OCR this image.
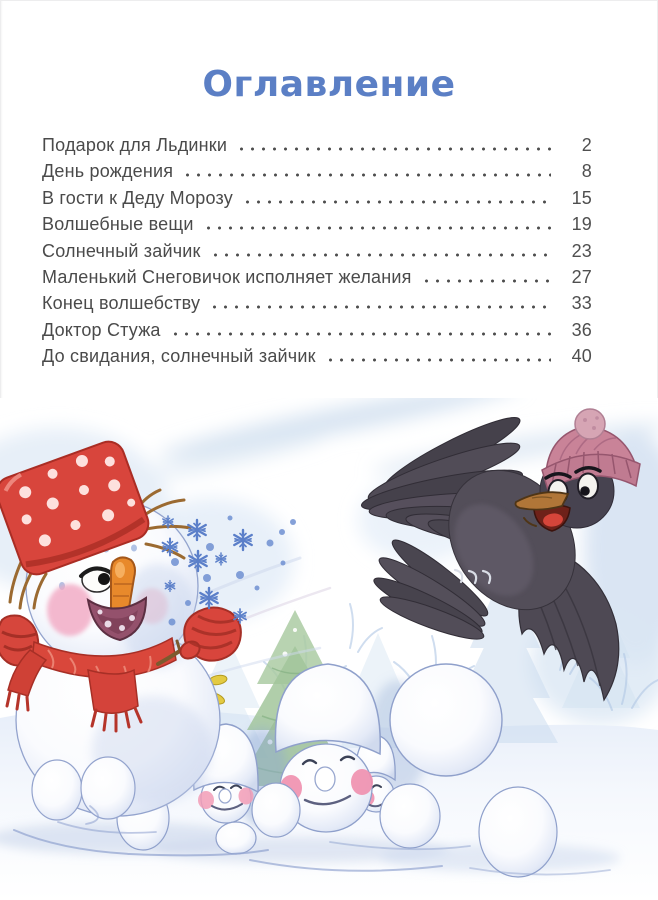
Оглавление
Подарок для Льдинки	2
День рождения	8
В гости к Деду Морозу	15
Волшебные вещи	19
Солнечный зайчик	23
Маленький Снеговичок исполняет желания	27
Конец волшебству	33
Доктор Стужа	36
До свидания, солнечный зайчик	40
